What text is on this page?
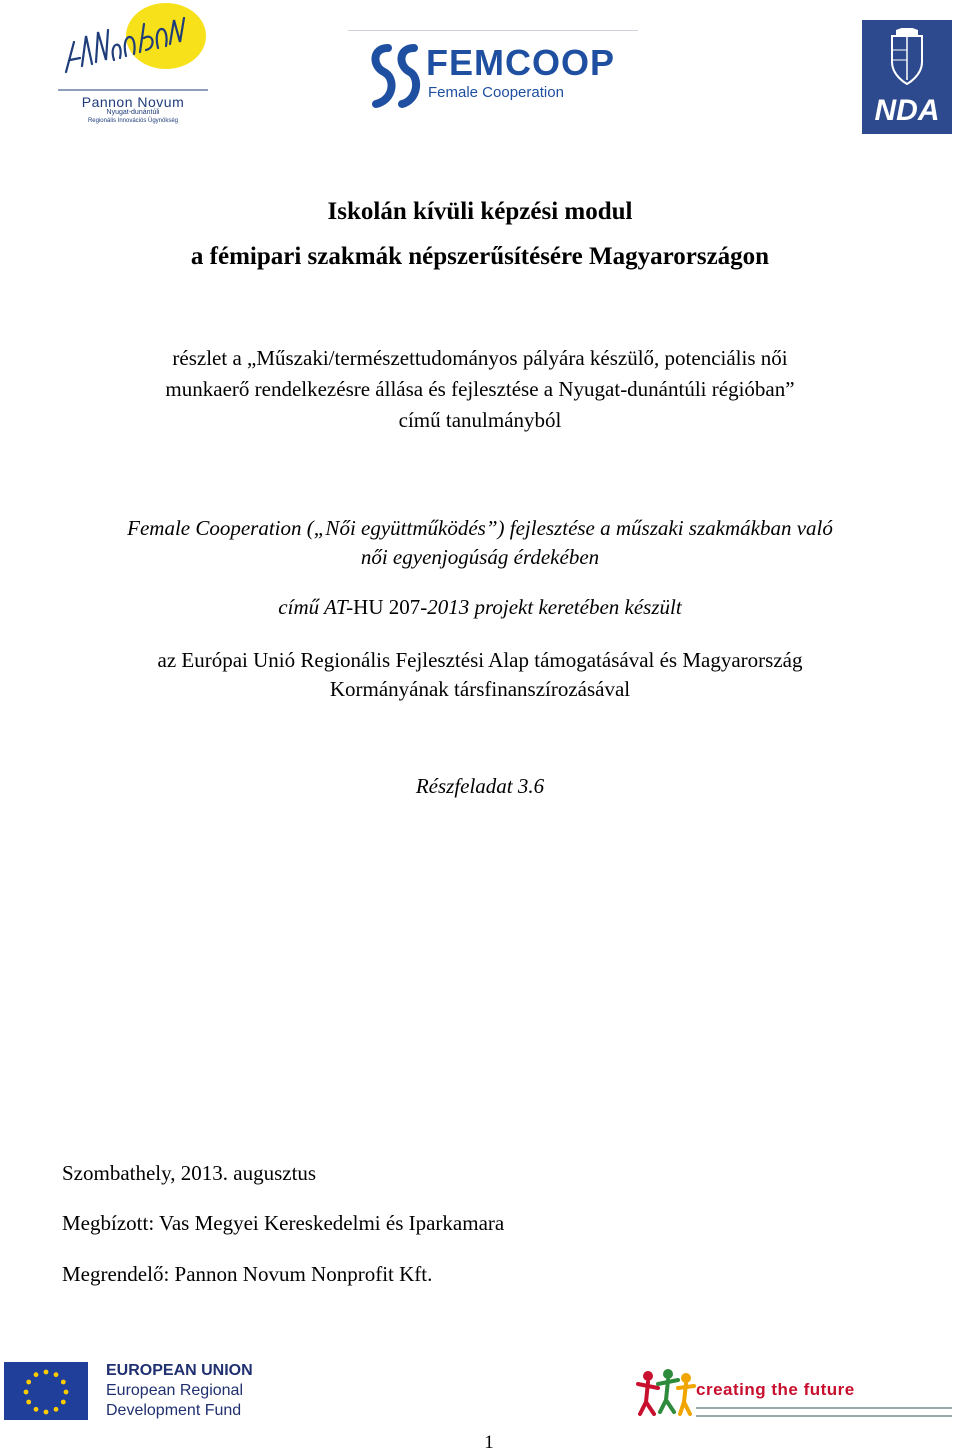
Pannon Novum
Nyugat-dunántúli
Regionális Innovációs Ügynökség
FEMCOOP
Female Cooperation
NDA
Iskolán kívüli képzési modul
a fémipari szakmák népszerűsítésére Magyarországon
részlet a „Műszaki/természettudományos pályára készülő, potenciális női
munkaerő rendelkezésre állása és fejlesztése a Nyugat-dunántúli régióban”
című tanulmányból
Female Cooperation („Női együttműködés”) fejlesztése a műszaki szakmákban való
női egyenjogúság érdekében
című AT-HU 207-2013 projekt keretében készült
az Európai Unió Regionális Fejlesztési Alap támogatásával és Magyarország
Kormányának társfinanszírozásával
Részfeladat 3.6
Szombathely, 2013. augusztus
Megbízott: Vas Megyei Kereskedelmi és Iparkamara
Megrendelő: Pannon Novum Nonprofit Kft.
EUROPEAN UNION
European Regional
Development Fund
creating the future
1
